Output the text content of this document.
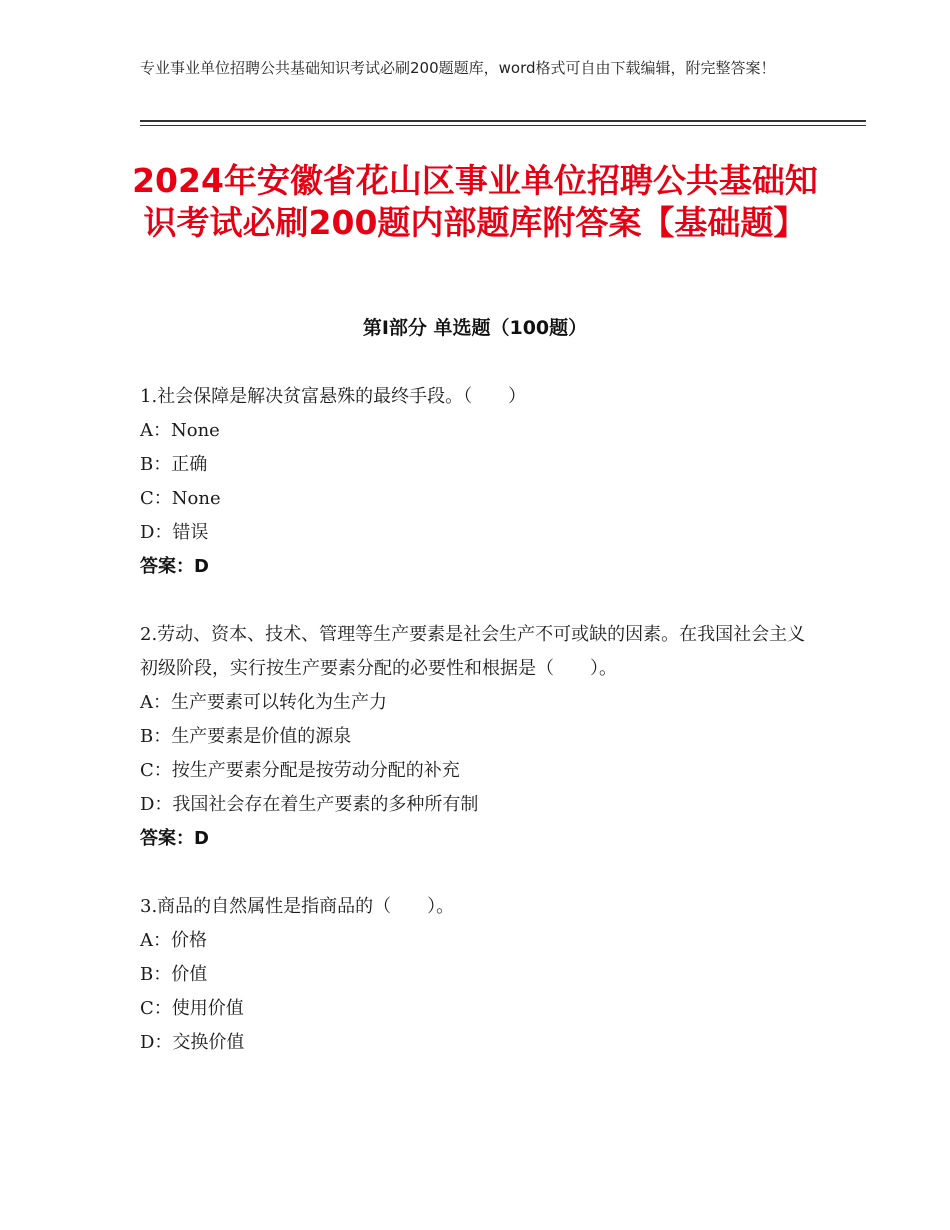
专业事业单位招聘公共基础知识考试必刷200题题库，word格式可自由下载编辑，附完整答案！
2024年安徽省花山区事业单位招聘公共基础知识考试必刷200题内部题库附答案【基础题】
第Ⅰ部分 单选题（100题）
1.社会保障是解决贫富悬殊的最终手段。（　　）
A：None
B：正确
C：None
D：错误
答案：D
2.劳动、资本、技术、管理等生产要素是社会生产不可或缺的因素。在我国社会主义初级阶段，实行按生产要素分配的必要性和根据是（　　）。
A：生产要素可以转化为生产力
B：生产要素是价值的源泉
C：按生产要素分配是按劳动分配的补充
D：我国社会存在着生产要素的多种所有制
答案：D
3.商品的自然属性是指商品的（　　）。
A：价格
B：价值
C：使用价值
D：交换价值
